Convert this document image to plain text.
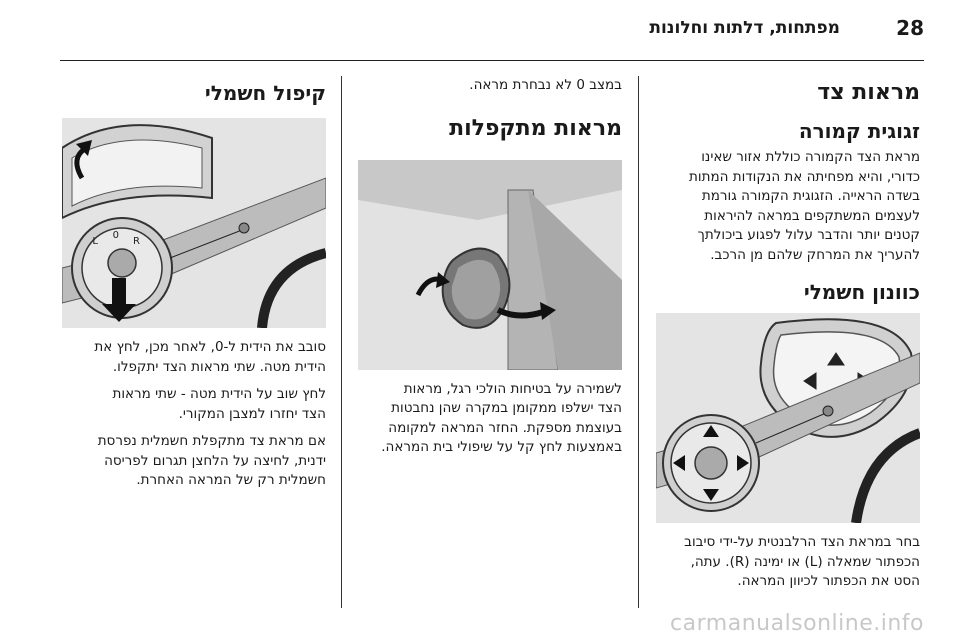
28
מפתחות, דלתות וחלונות
מראות צד
זגוגית קמורה
מראת הצד הקמורה כוללת אזור שאינו
כדורי, והיא מפחיתה את הנקודות המתות
בשדה הראייה. הזגוגית הקמורה גורמת
לעצמים המשתקפים במראה להיראות
קטנים יותר והדבר עלול לפגוע ביכולתך
להעריך את המרחק שלהם מן הרכב.
כוונון חשמלי
בחר במראת הצד הרלבנטית על-ידי סיבוב
הכפתור שמאלה (L) או ימינה (R). עתה,
הסט את הכפתור לכיוון המראה.
במצב 0 לא נבחרת מראה.
מראות מתקפלות
לשמירה על בטיחות הולכי רגל, מראות
הצד ישלפו ממקומן במקרה שהן נחבטות
בעוצמת מספקת. החזר המראה למקומה
באמצעות לחץ קל על שיפולי בית המראה.
קיפול חשמלי
L
0
R
סובב את הידית ל-0, לאחר מכן, לחץ את
הידית מטה. שתי מראות הצד יתקפלו.
לחץ שוב על הידית מטה - שתי מראות
הצד יחזרו למצבן המקורי.
אם מראת צד מתקפלת חשמלית נפרסת
ידנית, לחיצה על הלחצן תגרום לפריסה
חשמלית רק של המראה האחרת.
carmanualsonline.info
